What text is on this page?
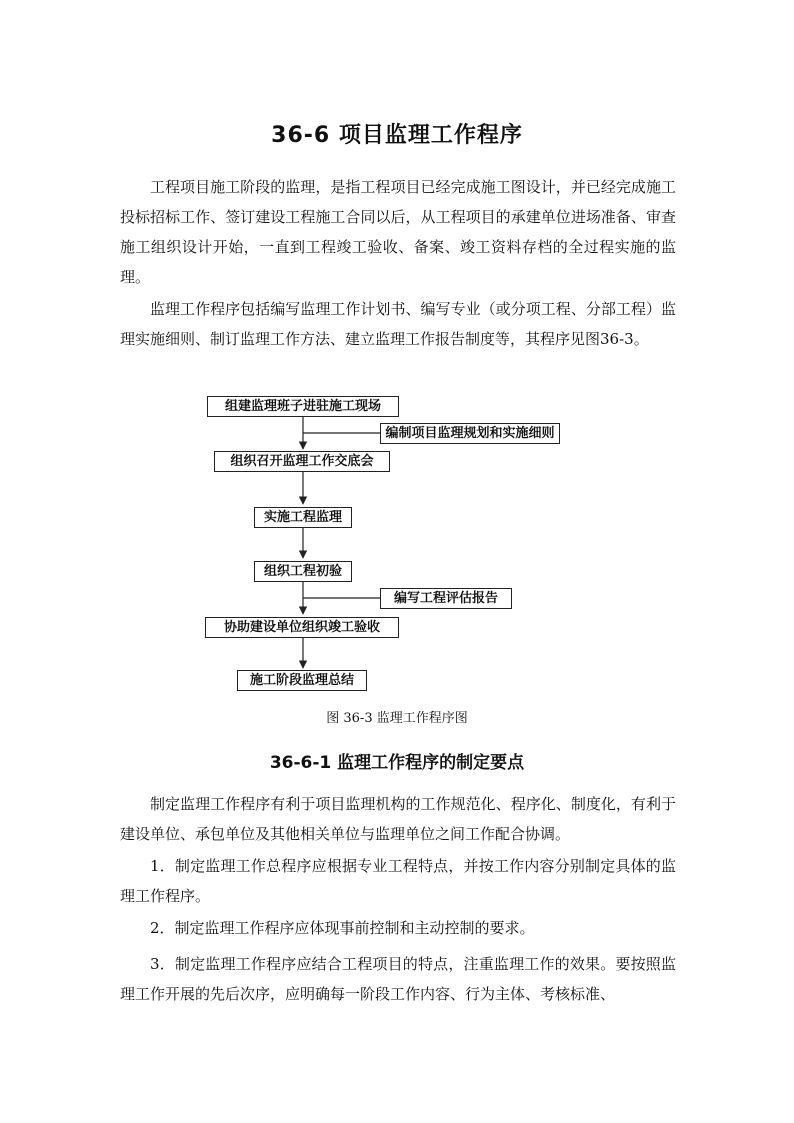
36-6 项目监理工作程序

工程项目施工阶段的监理，是指工程项目已经完成施工图设计，并已经完成施工投标招标工作、签订建设工程施工合同以后，从工程项目的承建单位进场准备、审查施工组织设计开始，一直到工程竣工验收、备案、竣工资料存档的全过程实施的监理。

监理工作程序包括编写监理工作计划书、编写专业（或分项工程、分部工程）监理实施细则、制订监理工作方法、建立监理工作报告制度等，其程序见图36-3。

组建监理班子进驻施工现场
组织召开监理工作交底会
实施工程监理
组织工程初验
协助建设单位组织竣工验收
施工阶段监理总结
编制项目监理规划和实施细则
编写工程评估报告
图 36-3 监理工作程序图
36-6-1 监理工作程序的制定要点

制定监理工作程序有利于项目监理机构的工作规范化、程序化、制度化，有利于建设单位、承包单位及其他相关单位与监理单位之间工作配合协调。

1．制定监理工作总程序应根据专业工程特点，并按工作内容分别制定具体的监理工作程序。

2．制定监理工作程序应体现事前控制和主动控制的要求。

3．制定监理工作程序应结合工程项目的特点，注重监理工作的效果。要按照监理工作开展的先后次序，应明确每一阶段工作内容、行为主体、考核标准、
